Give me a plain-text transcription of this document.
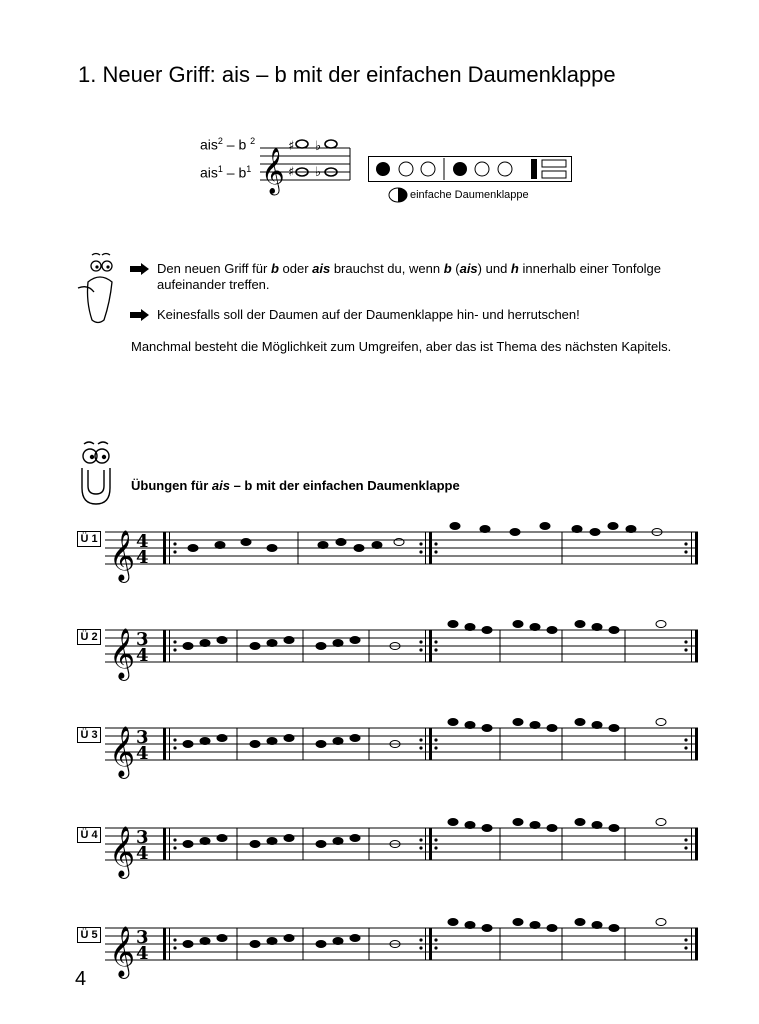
1. Neuer Griff: ais – b mit der einfachen Daumenklappe
ais$^2$ – b $^2$
$ais^1 - b^1$ 𝄞
♯ ♭
♯ ♭
einfache Daumenklappe
Den neuen Griff für b oder ais brauchst du, wenn b (ais) und h innerhalb einer Tonfolge aufeinander treffen.
Keinesfalls soll der Daumen auf der Daumenklappe hin- und herrutschen!
Manchmal besteht die Möglichkeit zum Umgreifen, aber das ist Thema des nächsten Kapitels.
Übungen für ais – b mit der einfachen Daumenklappe
Ü 1 𝄞 4
4
Ü 2 𝄞 3
4
Ü 3 𝄞 3
4
Ü 4 𝄞 3
4
Ü 5 𝄞 3
4
4
